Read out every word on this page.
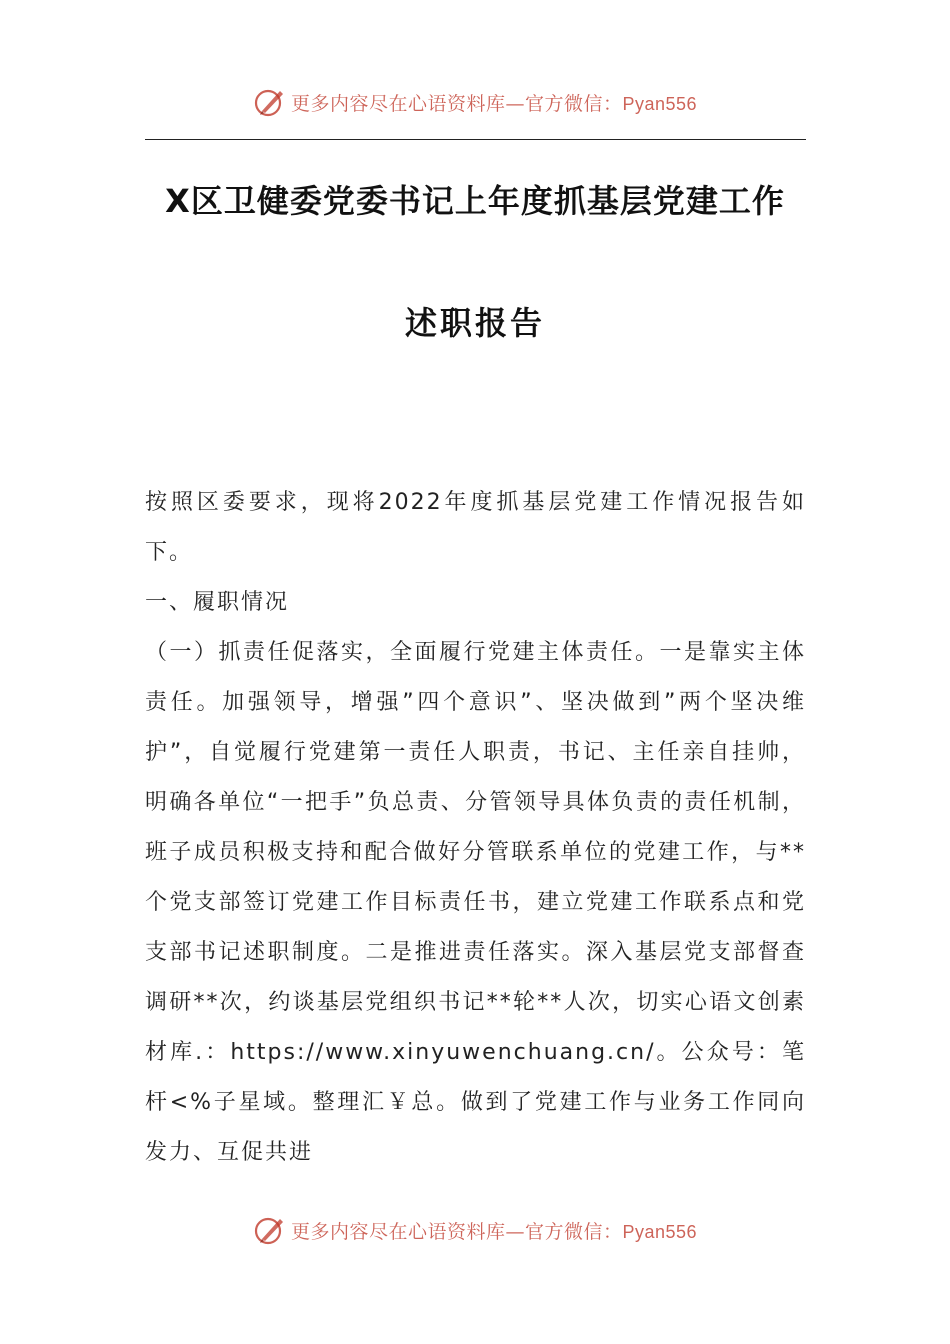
更多内容尽在心语资料库—官方微信：Pyan556
X区卫健委党委书记上年度抓基层党建工作
述职报告

按照区委要求，现将2022年度抓基层党建工作情况报告如下。

一、履职情况

（一）抓责任促落实，全面履行党建主体责任。一是靠实主体责任。加强领导，增强”四个意识”、坚决做到”两个坚决维护”，自觉履行党建第一责任人职责，书记、主任亲自挂帅，明确各单位“一把手”负总责、分管领导具体负责的责任机制，班子成员积极支持和配合做好分管联系单位的党建工作，与**个党支部签订党建工作目标责任书，建立党建工作联系点和党支部书记述职制度。二是推进责任落实。深入基层党支部督查调研**次，约谈基层党组织书记**轮**人次，切实心语文创素材库.：https://www.xinyuwenchuang.cn/。公众号：笔杆<%子星域。整理汇￥总。做到了党建工作与业务工作同向发力、互促共进

更多内容尽在心语资料库—官方微信：Pyan556
